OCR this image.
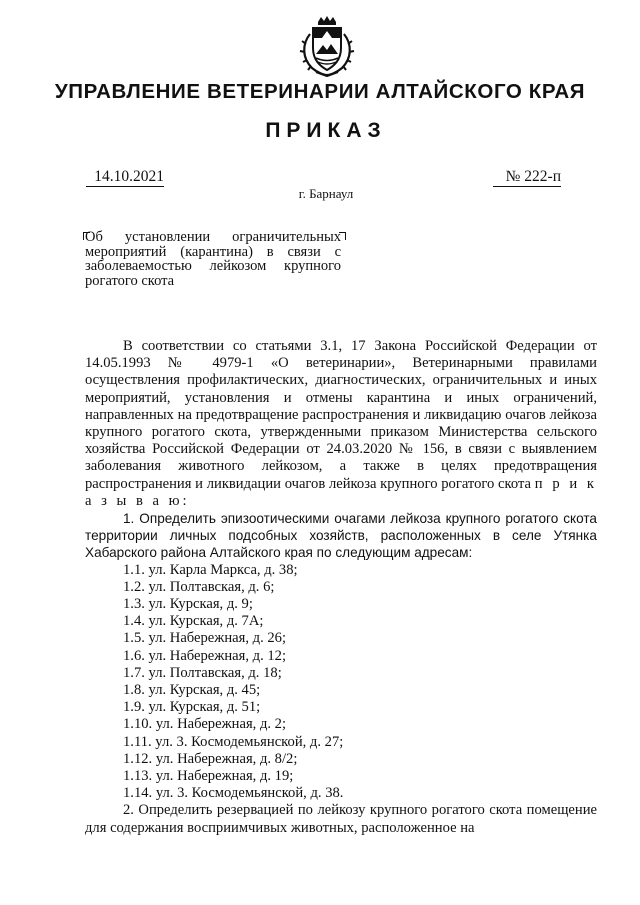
УПРАВЛЕНИЕ ВЕТЕРИНАРИИ АЛТАЙСКОГО КРАЯ
ПРИКАЗ
14.10.2021	№ 222-п
г. Барнаул

Об установлении ограничительных

мероприятий (карантина) в связи с

заболеваемостью лейкозом крупного

рогатого скота

В соответствии со статьями 3.1, 17 Закона Российской Федерации от 14.05.1993 № 4979-1 «О ветеринарии», Ветеринарными правилами осуществления профилактических, диагностических, ограничительных и иных мероприятий, установления и отмены карантина и иных ограничений, направленных на предотвращение распространения и ликвидацию очагов лейкоза крупного рогатого скота, утвержденными приказом Министерства сельского хозяйства Российской Федерации от 24.03.2020 № 156, в связи с выявлением заболевания животного лейкозом, а также в целях предотвращения распространения и ликвидации очагов лейкоза крупного рогатого скота п р и к а з ы в а ю:

1. Определить эпизоотическими очагами лейкоза крупного рогатого скота территории личных подсобных хозяйств, расположенных в селе Утянка Хабарского района Алтайского края по следующим адресам:

1.1. ул. Карла Маркса, д. 38;

1.2. ул. Полтавская, д. 6;

1.3. ул. Курская, д. 9;

1.4. ул. Курская, д. 7А;

1.5. ул. Набережная, д. 26;

1.6. ул. Набережная, д. 12;

1.7. ул. Полтавская, д. 18;

1.8. ул. Курская, д. 45;

1.9. ул. Курская, д. 51;

1.10. ул. Набережная, д. 2;

1.11. ул. 3. Космодемьянской, д. 27;

1.12. ул. Набережная, д. 8/2;

1.13. ул. Набережная, д. 19;

1.14. ул. 3. Космодемьянской, д. 38.

2. Определить резервацией по лейкозу крупного рогатого скота помещение для содержания восприимчивых животных, расположенное на
